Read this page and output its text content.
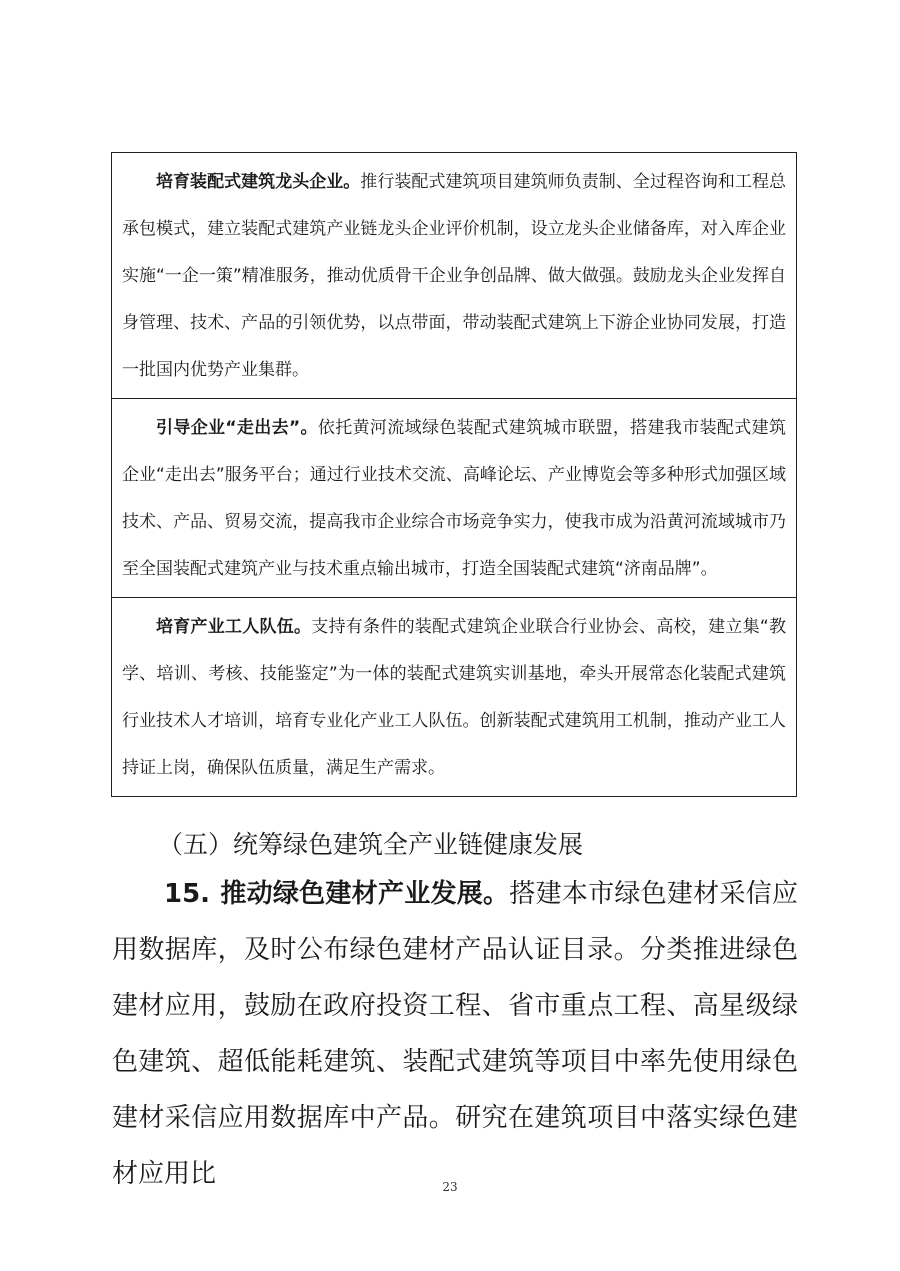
培育装配式建筑龙头企业。推行装配式建筑项目建筑师负责制、全过程咨询和工程总承包模式，建立装配式建筑产业链龙头企业评价机制，设立龙头企业储备库，对入库企业实施“一企一策”精准服务，推动优质骨干企业争创品牌、做大做强。鼓励龙头企业发挥自身管理、技术、产品的引领优势，以点带面，带动装配式建筑上下游企业协同发展，打造一批国内优势产业集群。
引导企业“走出去”。依托黄河流域绿色装配式建筑城市联盟，搭建我市装配式建筑企业“走出去”服务平台；通过行业技术交流、高峰论坛、产业博览会等多种形式加强区域技术、产品、贸易交流，提高我市企业综合市场竞争实力，使我市成为沿黄河流域城市乃至全国装配式建筑产业与技术重点输出城市，打造全国装配式建筑“济南品牌”。
培育产业工人队伍。支持有条件的装配式建筑企业联合行业协会、高校，建立集“教学、培训、考核、技能鉴定”为一体的装配式建筑实训基地，牵头开展常态化装配式建筑行业技术人才培训，培育专业化产业工人队伍。创新装配式建筑用工机制，推动产业工人持证上岗，确保队伍质量，满足生产需求。
（五）统筹绿色建筑全产业链健康发展

15. 推动绿色建材产业发展。搭建本市绿色建材采信应用数据库，及时公布绿色建材产品认证目录。分类推进绿色建材应用，鼓励在政府投资工程、省市重点工程、高星级绿色建筑、超低能耗建筑、装配式建筑等项目中率先使用绿色建材采信应用数据库中产品。研究在建筑项目中落实绿色建材应用比	23
